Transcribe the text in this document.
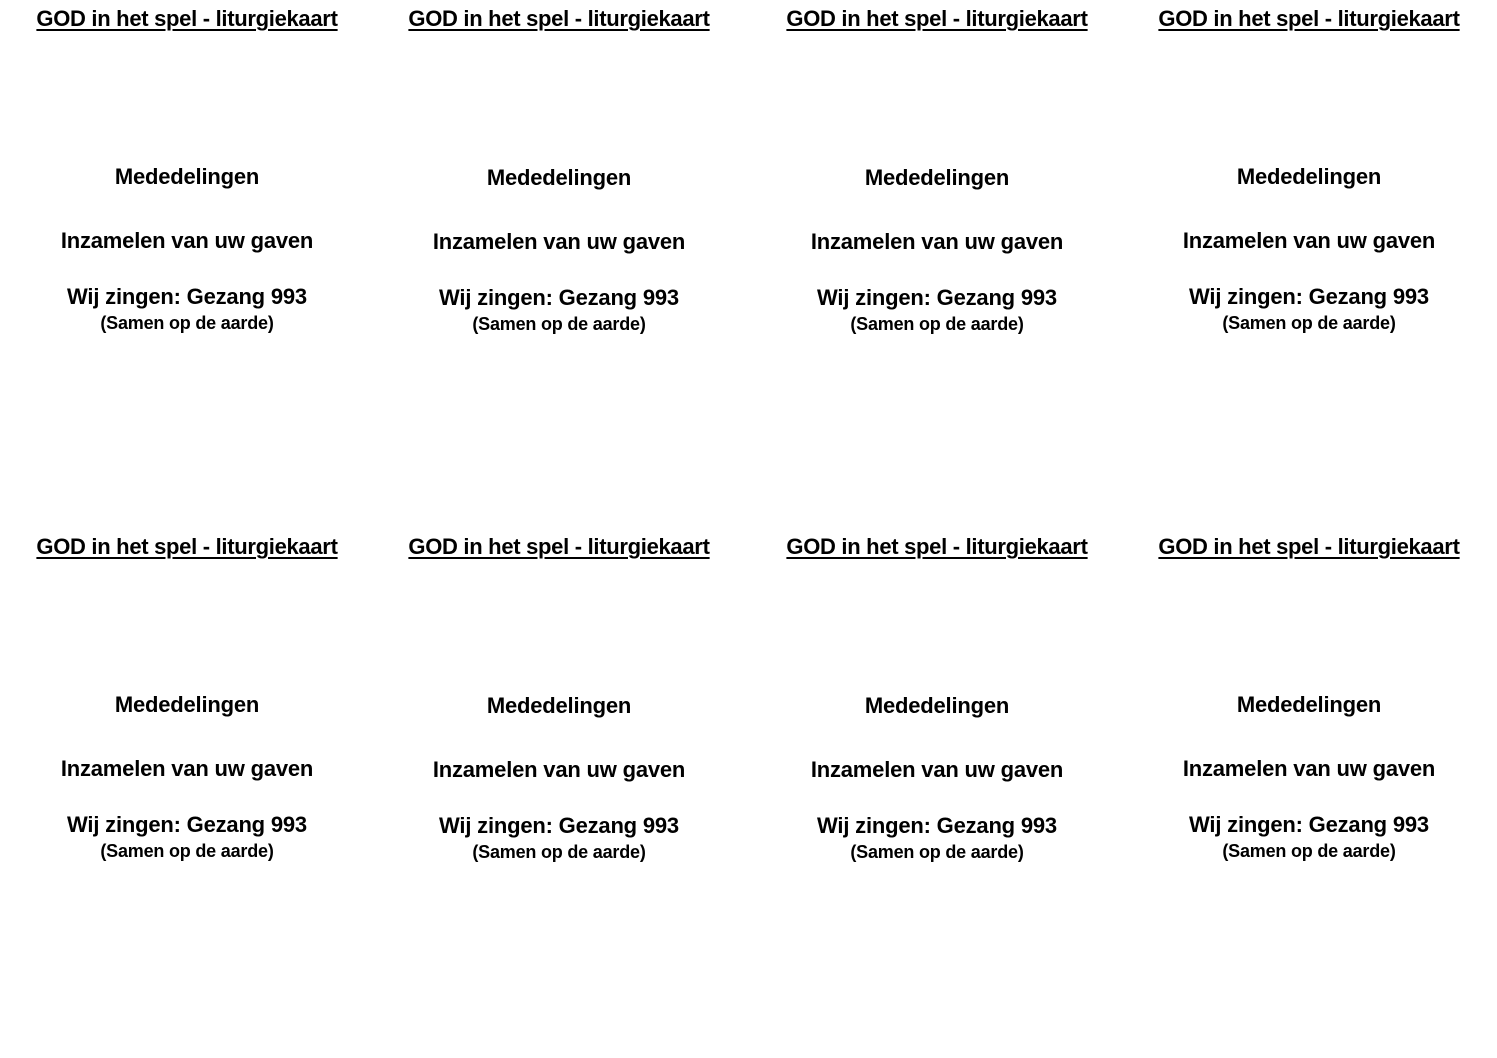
GOD in het spel - liturgiekaart
Mededelingen
Inzamelen van uw gaven
Wij zingen: Gezang 993
(Samen op de aarde)
GOD in het spel - liturgiekaart
Mededelingen
Inzamelen van uw gaven
Wij zingen: Gezang 993
(Samen op de aarde)
GOD in het spel - liturgiekaart
Mededelingen
Inzamelen van uw gaven
Wij zingen: Gezang 993
(Samen op de aarde)
GOD in het spel - liturgiekaart
Mededelingen
Inzamelen van uw gaven
Wij zingen: Gezang 993
(Samen op de aarde)
GOD in het spel - liturgiekaart
Mededelingen
Inzamelen van uw gaven
Wij zingen: Gezang 993
(Samen op de aarde)
GOD in het spel - liturgiekaart
Mededelingen
Inzamelen van uw gaven
Wij zingen: Gezang 993
(Samen op de aarde)
GOD in het spel - liturgiekaart
Mededelingen
Inzamelen van uw gaven
Wij zingen: Gezang 993
(Samen op de aarde)
GOD in het spel - liturgiekaart
Mededelingen
Inzamelen van uw gaven
Wij zingen: Gezang 993
(Samen op de aarde)
